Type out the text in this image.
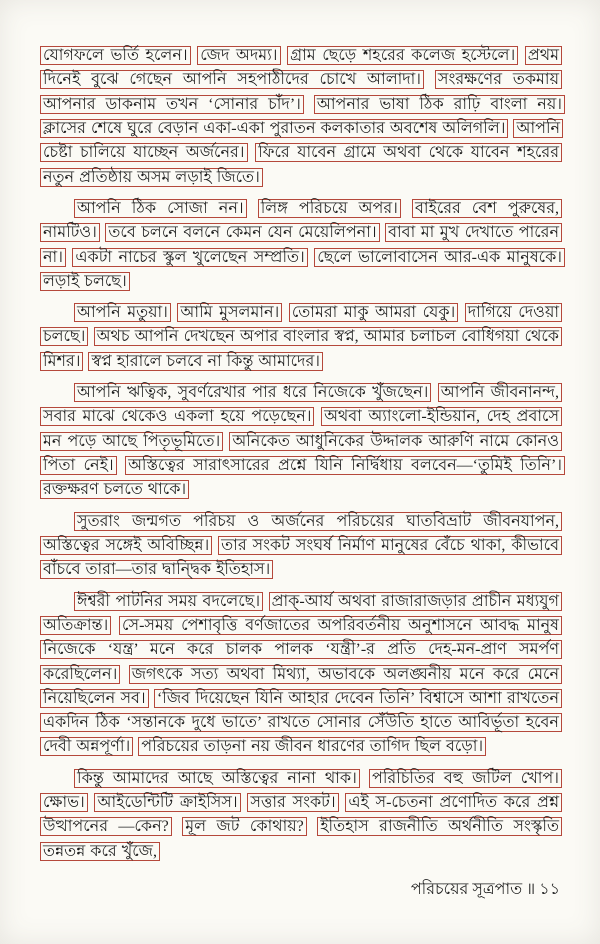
যোগফলে ভর্তি হলেন। জেদ অদম্য। গ্রাম ছেড়ে শহরের কলেজ হস্টেলে। প্রথম দিনেই বুঝে গেছেন আপনি সহপাঠীদের চোখে আলাদা। সংরক্ষণের তকমায় আপনার ডাকনাম তখন ‘সোনার চাঁদ’। আপনার ভাষা ঠিক রাঢ়ি বাংলা নয়। ক্লাসের শেষে ঘুরে বেড়ান একা-একা পুরাতন কলকাতার অবশেষ অলিগলি। আপনি চেষ্টা চালিয়ে যাচ্ছেন অর্জনের। ফিরে যাবেন গ্রামে অথবা থেকে যাবেন শহরের নতুন প্রতিষ্ঠায় অসম লড়াই জিতে।

আপনি ঠিক সোজা নন। লিঙ্গ পরিচয়ে অপর। বাইরের বেশ পুরুষের, নামটিও। তবে চলনে বলনে কেমন যেন মেয়েলিপনা। বাবা মা মুখ দেখাতে পারেন না। একটা নাচের স্কুল খুলেছেন সম্প্রতি। ছেলে ভালোবাসেন আর-এক মানুষকে। লড়াই চলছে।

আপনি মতুয়া। আমি মুসলমান। তোমরা মাকু আমরা যেকু। দাগিয়ে দেওয়া চলছে। অথচ আপনি দেখছেন অপার বাংলার স্বপ্ন, আমার চলাচল বোধিগয়া থেকে মিশর। স্বপ্ন হারালে চলবে না কিন্তু আমাদের।

আপনি ঋত্বিক, সুবর্ণরেখার পার ধরে নিজেকে খুঁজছেন। আপনি জীবনানন্দ, সবার মাঝে থেকেও একলা হয়ে পড়েছেন। অথবা অ্যাংলো-ইন্ডিয়ান, দেহ প্রবাসে মন পড়ে আছে পিতৃভূমিতে। অনিকেত আধুনিকের উদ্দালক আরুণি নামে কোনও পিতা নেই। অস্তিত্বের সারাৎসারের প্রশ্নে যিনি নির্দ্বিধায় বলবেন—‘তুমিই তিনি’। রক্তক্ষরণ চলতে থাকে।

সুতরাং জন্মগত পরিচয় ও অর্জনের পরিচয়ের ঘাতবিভ্রাট জীবনযাপন, অস্তিত্বের সঙ্গেই অবিচ্ছিন্ন। তার সংকট সংঘর্ষ নির্মাণ মানুষের বেঁচে থাকা, কীভাবে বাঁচবে তারা—তার দ্বান্দ্বিক ইতিহাস।

ঈশ্বরী পাটনির সময় বদলেছে। প্রাক্-আর্য অথবা রাজারাজড়ার প্রাচীন মধ্যযুগ অতিক্রান্ত। সে-সময় পেশাবৃত্তি বর্ণজাতের অপরিবর্তনীয় অনুশাসনে আবদ্ধ মানুষ নিজেকে ‘যন্ত্র’ মনে করে চালক পালক ‘যন্ত্রী’-র প্রতি দেহ-মন-প্রাণ সমর্পণ করেছিলেন। জগৎকে সত্য অথবা মিথ্যা, অভাবকে অলঙ্ঘনীয় মনে করে মেনে নিয়েছিলেন সব। ‘জিব দিয়েছেন যিনি আহার দেবেন তিনি’ বিশ্বাসে আশা রাখতেন একদিন ঠিক ‘সন্তানকে দুধে ভাতে’ রাখতে সোনার সেঁউতি হাতে আবির্ভূতা হবেন দেবী অন্নপূর্ণা। পরিচয়ের তাড়না নয় জীবন ধারণের তাগিদ ছিল বড়ো।

কিন্তু আমাদের আছে অস্তিত্বের নানা থাক। পরিচিতির বহু জটিল খোপ। ক্ষোভ। আইডেন্টিটি ক্রাইসিস। সত্তার সংকট। এই স-চেতনা প্রণোদিত করে প্রশ্ন উত্থাপনের —কেন? মূল জট কোথায়? ইতিহাস রাজনীতি অর্থনীতি সংস্কৃতি তন্নতন্ন করে খুঁজে,

পরিচয়ের সূত্রপাত ॥ ১১
